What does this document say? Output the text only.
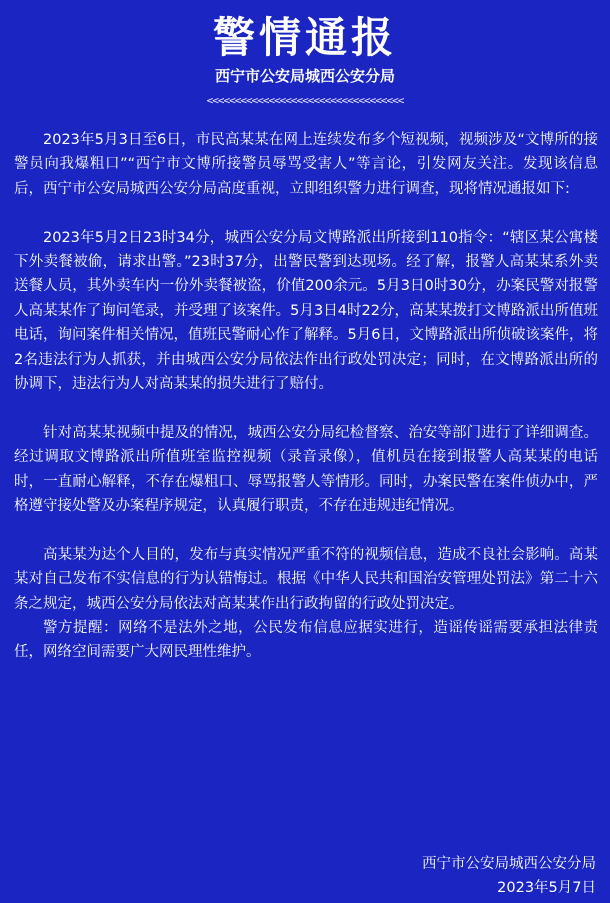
警情通报
西宁市公安局城西公安分局
<<<<<<<<<<<<<<<<<<<<<<<<<<<<<<<<<<<

2023年5月3日至6日，市民高某某在网上连续发布多个短视频，视频涉及“文博所的接警员向我爆粗口”“西宁市文博所接警员辱骂受害人”等言论，引发网友关注。发现该信息后，西宁市公安局城西公安分局高度重视，立即组织警力进行调查，现将情况通报如下:

2023年5月2日23时34分，城西公安分局文博路派出所接到110指令：“辖区某公寓楼下外卖餐被偷，请求出警。”23时37分，出警民警到达现场。经了解，报警人高某某系外卖送餐人员，其外卖车内一份外卖餐被盗，价值200余元。5月3日0时30分，办案民警对报警人高某某作了询问笔录，并受理了该案件。5月3日4时22分，高某某拨打文博路派出所值班电话，询问案件相关情况，值班民警耐心作了解释。5月6日，文博路派出所侦破该案件，将2名违法行为人抓获，并由城西公安分局依法作出行政处罚决定；同时，在文博路派出所的协调下，违法行为人对高某某的损失进行了赔付。

针对高某某视频中提及的情况，城西公安分局纪检督察、治安等部门进行了详细调查。经过调取文博路派出所值班室监控视频（录音录像），值机员在接到报警人高某某的电话时，一直耐心解释，不存在爆粗口、辱骂报警人等情形。同时，办案民警在案件侦办中，严格遵守接处警及办案程序规定，认真履行职责，不存在违规违纪情况。

高某某为达个人目的，发布与真实情况严重不符的视频信息，造成不良社会影响。高某某对自己发布不实信息的行为认错悔过。根据《中华人民共和国治安管理处罚法》第二十六条之规定，城西公安分局依法对高某某作出行政拘留的行政处罚决定。

警方提醒：网络不是法外之地，公民发布信息应据实进行，造谣传谣需要承担法律责任，网络空间需要广大网民理性维护。

西宁市公安局城西公安分局
2023年5月7日
